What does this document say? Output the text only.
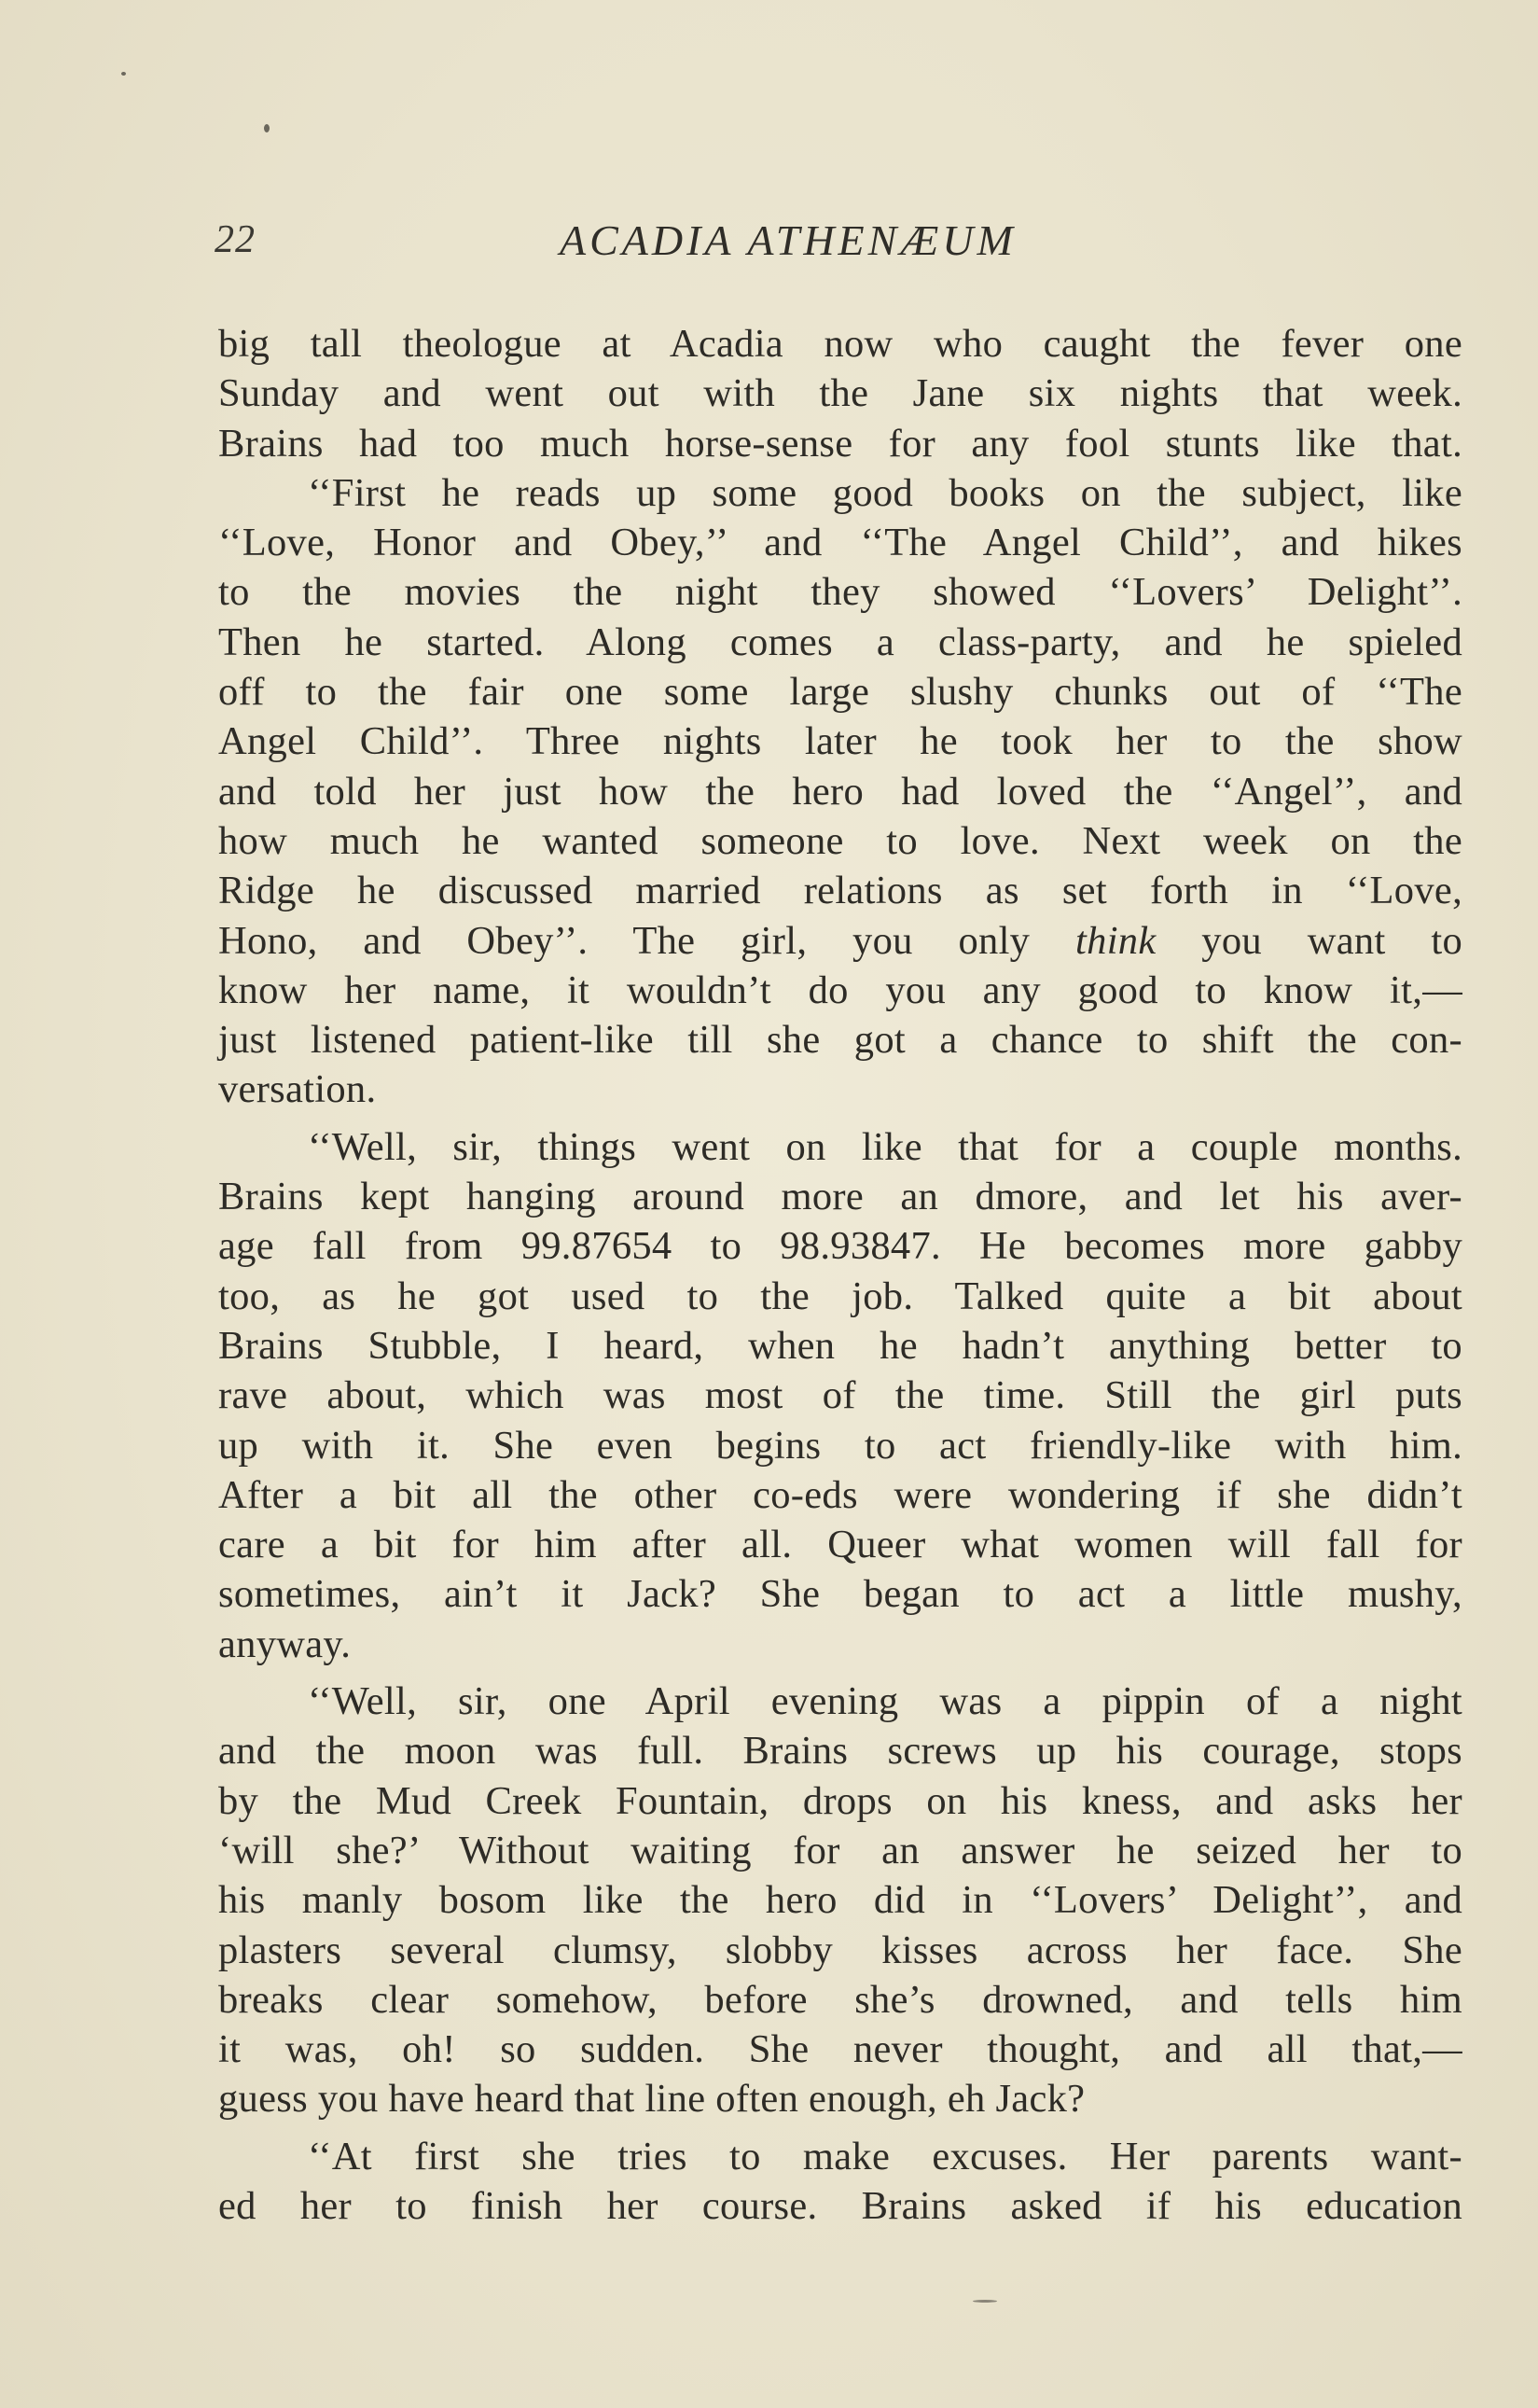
22	ACADIA ATHENÆUM
big tall theologue at Acadia now who caught the fever one
Sunday and went out with the Jane six nights that week.
Brains had too much horse-sense for any fool stunts like that.
‘‘First he reads up some good books on the subject, like
‘‘Love, Honor and Obey,’’ and ‘‘The Angel Child’’, and hikes
to the movies the night they showed ‘‘Lovers’ Delight’’.
Then he started. Along comes a class-party, and he spieled
off to the fair one some large slushy chunks out of ‘‘The
Angel Child’’. Three nights later he took her to the show
and told her just how the hero had loved the ‘‘Angel’’, and
how much he wanted someone to love. Next week on the
Ridge he discussed married relations as set forth in ‘‘Love,
Hono, and Obey’’. The girl, you only think you want to
know her name, it wouldn’t do you any good to know it,—
just listened patient-like till she got a chance to shift the con-
versation.
‘‘Well, sir, things went on like that for a couple months.
Brains kept hanging around more an dmore, and let his aver-
age fall from 99.87654 to 98.93847. He becomes more gabby
too, as he got used to the job. Talked quite a bit about
Brains Stubble, I heard, when he hadn’t anything better to
rave about, which was most of the time. Still the girl puts
up with it. She even begins to act friendly-like with him.
After a bit all the other co-eds were wondering if she didn’t
care a bit for him after all. Queer what women will fall for
sometimes, ain’t it Jack? She began to act a little mushy,
anyway.
‘‘Well, sir, one April evening was a pippin of a night
and the moon was full. Brains screws up his courage, stops
by the Mud Creek Fountain, drops on his kness, and asks her
‘will she?’ Without waiting for an answer he seized her to
his manly bosom like the hero did in ‘‘Lovers’ Delight’’, and
plasters several clumsy, slobby kisses across her face. She
breaks clear somehow, before she’s drowned, and tells him
it was, oh! so sudden. She never thought, and all that,—
guess you have heard that line often enough, eh Jack?
‘‘At first she tries to make excuses. Her parents want-
ed her to finish her course. Brains asked if his education
